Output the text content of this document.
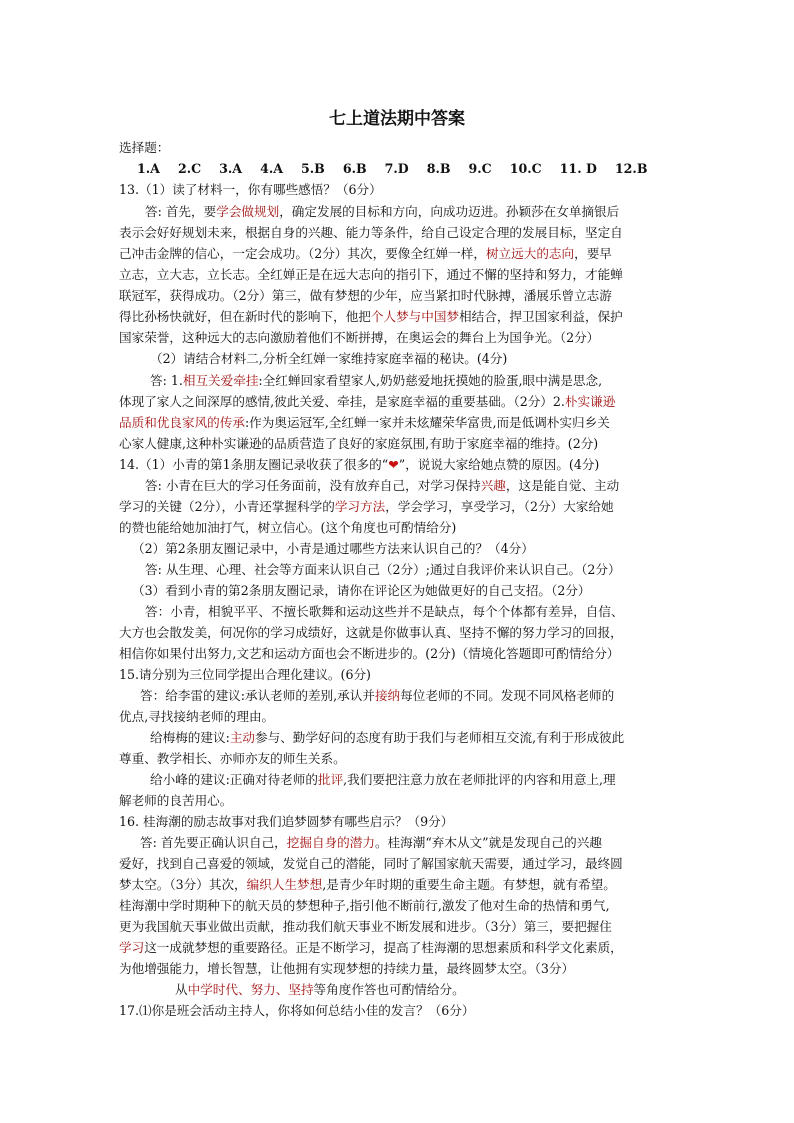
七上道法期中答案
选择题：
1.A 2.C 3.A 4.A 5.B 6.B 7.D 8.B 9.C 10.C 11. D 12.B
13.（1）读了材料一，你有哪些感悟？（6分）
答: 首先，要学会做规划，确定发展的目标和方向，向成功迈进。孙颖莎在女单摘银后
表示会好好规划未来，根据自身的兴趣、能力等条件，给自己设定合理的发展目标，坚定自
己冲击金牌的信心，一定会成功。（2分）其次，要像全红婵一样，树立远大的志向，要早
立志，立大志，立长志。全红婵正是在远大志向的指引下，通过不懈的坚持和努力，才能蝉
联冠军，获得成功。（2分）第三，做有梦想的少年，应当紧扣时代脉搏，潘展乐曾立志游
得比孙杨快就好，但在新时代的影响下，他把个人梦与中国梦相结合，捍卫国家利益，保护
国家荣誉，这种远大的志向激励着他们不断拼搏，在奥运会的舞台上为国争光。（2分）
（2）请结合材料二,分析全红婵一家维持家庭幸福的秘诀。(4分)
答: 1.相互关爱牵挂:全红蝉回家看望家人,奶奶慈爱地抚摸她的脸蛋,眼中满是思念,
体现了家人之间深厚的感情,彼此关爱、牵挂，是家庭幸福的重要基础。（2分）2.朴实谦逊
品质和优良家风的传承:作为奥运冠军,全红蝉一家并未炫耀荣华富贵,而是低调朴实归乡关
心家人健康,这种朴实谦逊的品质营造了良好的家庭氛围,有助于家庭幸福的维持。(2分)
14.（1）小青的第1条朋友圈记录收获了很多的“❤”，说说大家给她点赞的原因。(4分)
答: 小青在巨大的学习任务面前，没有放弃自己，对学习保持兴趣，这是能自觉、主动
学习的关键（2分），小青还掌握科学的学习方法，学会学习，享受学习，（2分）大家给她
的赞也能给她加油打气，树立信心。(这个角度也可酌情给分)
（2）第2条朋友圈记录中，小青是通过哪些方法来认识自己的？（4分）
答: 从生理、心理、社会等方面来认识自己（2分）;通过自我评价来认识自己。（2分）
（3）看到小青的第2条朋友圈记录，请你在评论区为她做更好的自己支招。（2分）
答：小青，相貌平平、不擅长歌舞和运动这些并不是缺点，每个个体都有差异，自信、
大方也会散发美，何况你的学习成绩好，这就是你做事认真、坚持不懈的努力学习的回报，
相信你如果付出努力,文艺和运动方面也会不断进步的。(2分)（情境化答题即可酌情给分）
15.请分别为三位同学提出合理化建议。(6分)
答：给李雷的建议:承认老师的差别,承认并接纳每位老师的不同。发现不同风格老师的
优点,寻找接纳老师的理由。
给梅梅的建议:主动参与、勤学好问的态度有助于我们与老师相互交流,有利于形成彼此
尊重、教学相长、亦师亦友的师生关系。
给小峰的建议:正确对待老师的批评,我们要把注意力放在老师批评的内容和用意上,理
解老师的良苦用心。
16. 桂海潮的励志故事对我们追梦圆梦有哪些启示？（9分）
答: 首先要正确认识自己，挖掘自身的潜力。桂海潮“弃木从文”就是发现自己的兴趣
爱好，找到自己喜爱的领域，发觉自己的潜能，同时了解国家航天需要，通过学习，最终圆
梦太空。（3分）其次，编织人生梦想,是青少年时期的重要生命主题。有梦想，就有希望。
桂海潮中学时期种下的航天员的梦想种子,指引他不断前行,激发了他对生命的热情和勇气,
更为我国航天事业做出贡献，推动我们航天事业不断发展和进步。（3分）第三，要把握住
学习这一成就梦想的重要路径。正是不断学习，提高了桂海潮的思想素质和科学文化素质，
为他增强能力，增长智慧，让他拥有实现梦想的持续力量，最终圆梦太空。（3分）
从中学时代、努力、坚持等角度作答也可酌情给分。
17.⑴你是班会活动主持人，你将如何总结小佳的发言？（6分）
